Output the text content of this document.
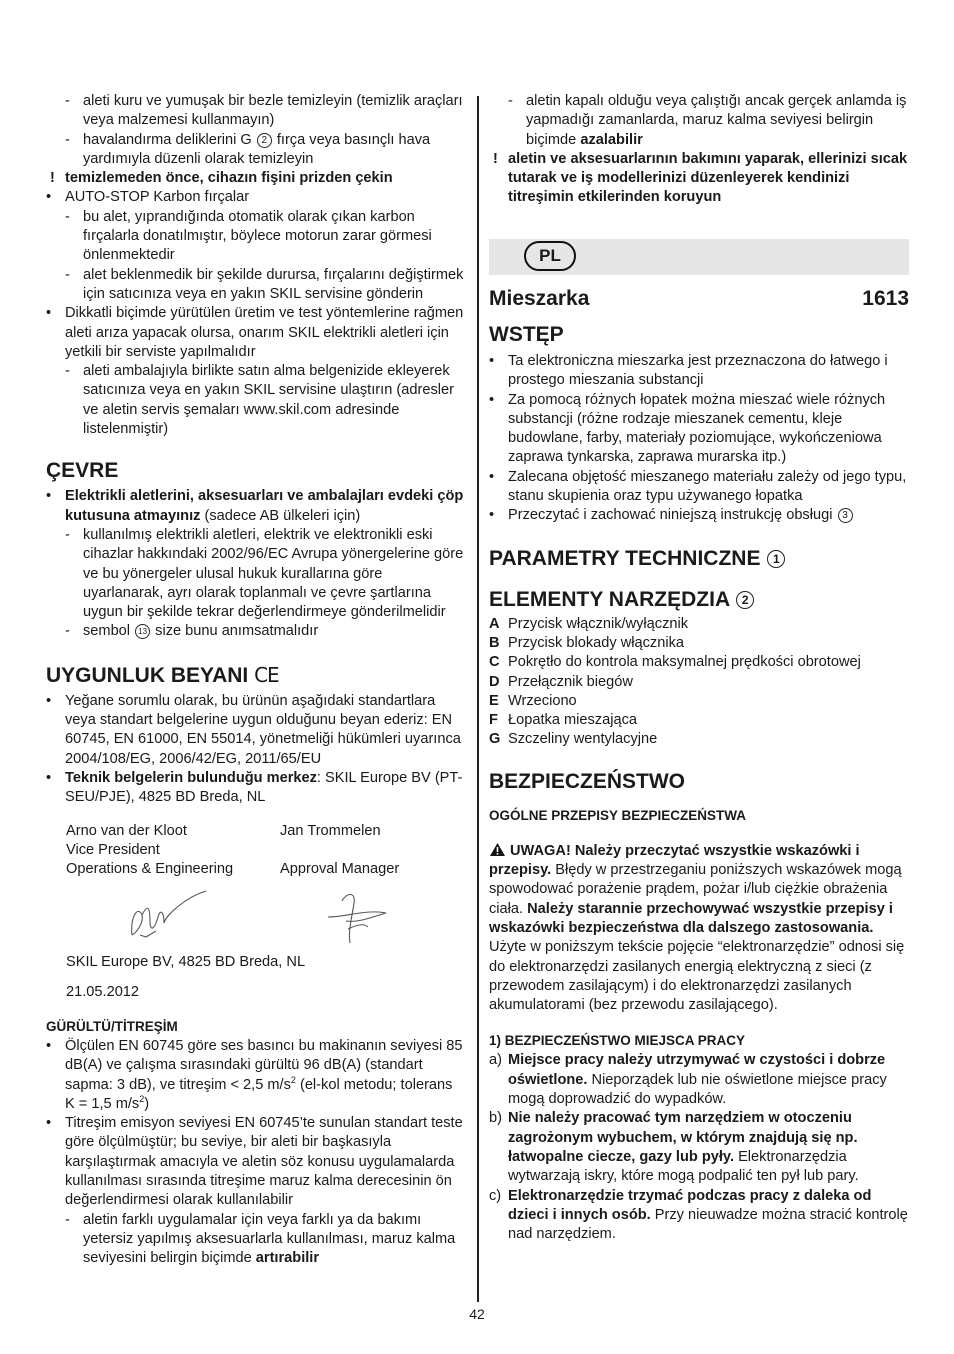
- aleti kuru ve yumuşak bir bezle temizleyin (temizlik araçları veya malzemesi kullanmayın)

- havalandırma deliklerini G 2 fırça veya basınçlı hava yardımıyla düzenli olarak temizleyin

! temizlemeden önce, cihazın fişini prizden çekin

• AUTO-STOP Karbon fırçalar

- bu alet, yıprandığında otomatik olarak çıkan karbon fırçalarla donatılmıştır, böylece motorun zarar görmesi önlenmektedir

- alet beklenmedik bir şekilde durursa, fırçalarını değiştirmek için satıcınıza veya en yakın SKIL servisine gönderin

• Dikkatli biçimde yürütülen üretim ve test yöntemlerine rağmen aleti arıza yapacak olursa, onarım SKIL elektrikli aletleri için yetkili bir serviste yapılmalıdır

- aleti ambalajıyla birlikte satın alma belgenizide ekleyerek satıcınıza veya en yakın SKIL servisine ulaştırın (adresler ve aletin servis şemaları www.skil.com adresinde listelenmiştir)

ÇEVRE

• Elektrikli aletlerini, aksesuarları ve ambalajları evdeki çöp kutusuna atmayınız (sadece AB ülkeleri için)

- kullanılmış elektrikli aletleri, elektrik ve elektronikli eski cihazlar hakkındaki 2002/96/EC Avrupa yönergelerine göre ve bu yönergeler ulusal hukuk kurallarına göre uyarlanarak, ayrı olarak toplanmalı ve çevre şartlarına uygun bir şekilde tekrar değerlendirmeye gönderilmelidir

- sembol 13 size bunu anımsatmalıdır

UYGUNLUK BEYANI CE

• Yeğane sorumlu olarak, bu ürünün aşağıdaki standartlara veya standart belgelerine uygun olduğunu beyan ederiz: EN 60745, EN 61000, EN 55014, yönetmeliği hükümleri uyarınca 2004/108/EG, 2006/42/EG, 2011/65/EU

• Teknik belgelerin bulunduğu merkez: SKIL Europe BV (PT-SEU/PJE), 4825 BD Breda, NL

Arno van der Kloot
Vice President
Operations & Engineering
Jan Trommelen

Approval Manager

SKIL Europe BV, 4825 BD Breda, NL

21.05.2012

GÜRÜLTÜ/TİTREŞİM

• Ölçülen EN 60745 göre ses basıncı bu makinanın seviyesi 85 dB(A) ve çalışma sırasındaki gürültü 96 dB(A) (standart sapma: 3 dB), ve titreşim < 2,5 $m/s^2$ (el-kol metodu; tolerans K = 1,5 $m/s^2$)

• Titreşim emisyon seviyesi EN 60745’te sunulan standart teste göre ölçülmüştür; bu seviye, bir aleti bir başkasıyla karşılaştırmak amacıyla ve aletin söz konusu uygulamalarda kullanılması sırasında titreşime maruz kalma derecesinin ön değerlendirmesi olarak kullanılabilir

- aletin farklı uygulamalar için veya farklı ya da bakımı yetersiz yapılmış aksesuarlarla kullanılması, maruz kalma seviyesini belirgin biçimde artırabilir

- aletin kapalı olduğu veya çalıştığı ancak gerçek anlamda iş yapmadığı zamanlarda, maruz kalma seviyesi belirgin biçimde azalabilir

! aletin ve aksesuarlarının bakımını yaparak, ellerinizi sıcak tutarak ve iş modellerinizi düzenleyerek kendinizi titreşimin etkilerinden koruyun

PL
Mieszarka	1613
WSTĘP

• Ta elektroniczna mieszarka jest przeznaczona do łatwego i prostego mieszania substancji

• Za pomocą różnych łopatek można mieszać wiele różnych substancji (różne rodzaje mieszanek cementu, kleje budowlane, farby, materiały poziomujące, wykończeniowa zaprawa tynkarska, zaprawa murarska itp.)

• Zalecana objętość mieszanego materiału zależy od jego typu, stanu skupienia oraz typu używanego łopatka

• Przeczytać i zachować niniejszą instrukcję obsługi 3

PARAMETRY TECHNICZNE 1
ELEMENTY NARZĘDZIA 2

A Przycisk włącznik/wyłącznik

B Przycisk blokady włącznika

C Pokrętło do kontrola maksymalnej prędkości obrotowej

D Przełącznik biegów

E Wrzeciono

F Łopatka mieszająca

G Szczeliny wentylacyjne

BEZPIECZEŃSTWO
OGÓLNE PRZEPISY BEZPIECZEŃSTWA

UWAGA! Należy przeczytać wszystkie wskazówki i przepisy. Błędy w przestrzeganiu poniższych wskazówek mogą spowodować porażenie prądem, pożar i/lub ciężkie obrażenia ciała. Należy starannie przechowywać wszystkie przepisy i wskazówki bezpieczeństwa dla dalszego zastosowania. Użyte w poniższym tekście pojęcie “elektronarzędzie” odnosi się do elektronarzędzi zasilanych energią elektryczną z sieci (z przewodem zasilającym) i do elektronarzędzi zasilanych akumulatorami (bez przewodu zasilającego).

1) BEZPIECZEŃSTWO MIEJSCA PRACY

a) Miejsce pracy należy utrzymywać w czystości i dobrze oświetlone. Nieporządek lub nie oświetlone miejsce pracy mogą doprowadzić do wypadków.

b) Nie należy pracować tym narzędziem w otoczeniu zagrożonym wybuchem, w którym znajdują się np. łatwopalne ciecze, gazy lub pyły. Elektronarzędzia wytwarzają iskry, które mogą podpalić ten pył lub pary.

c) Elektronarzędzie trzymać podczas pracy z daleka od dzieci i innych osób. Przy nieuwadze można stracić kontrolę nad narzędziem.

42
